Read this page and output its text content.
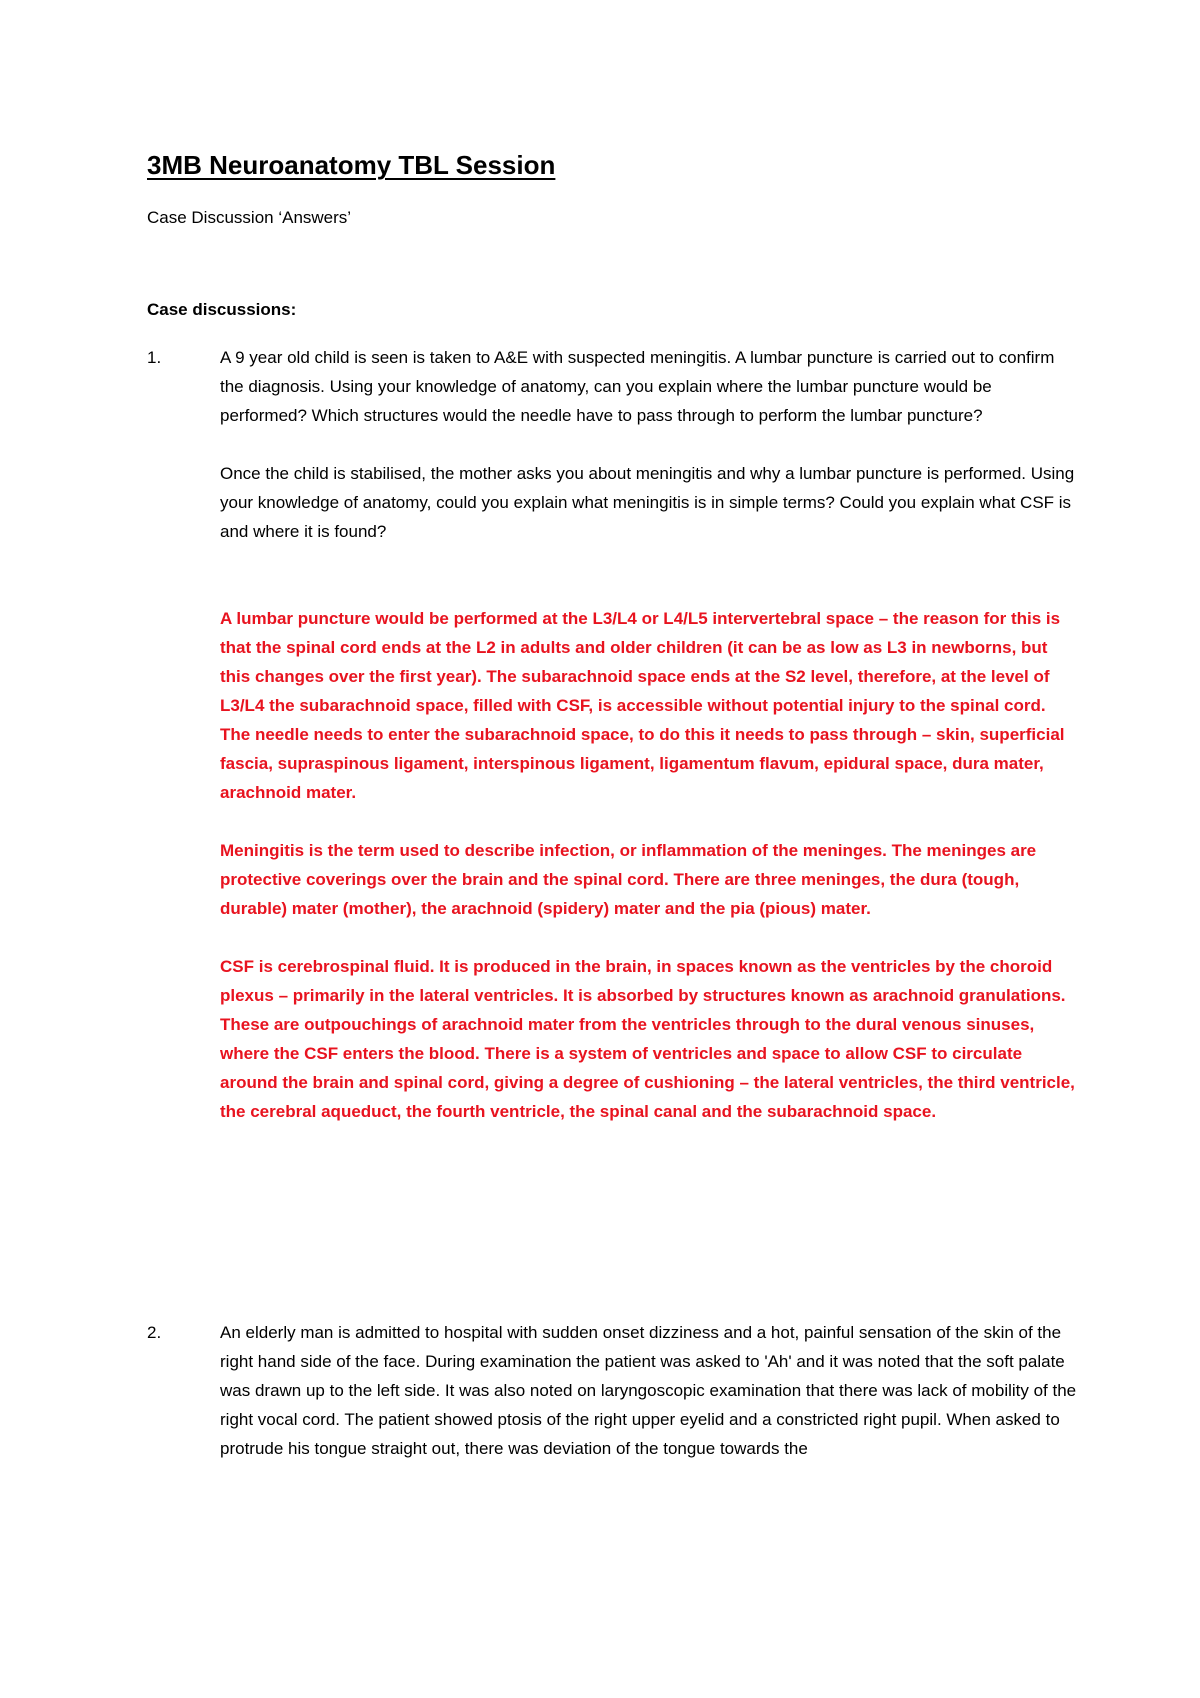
3MB Neuroanatomy TBL Session

Case Discussion ‘Answers’

Case discussions:

1.	A 9 year old child is seen is taken to A&E with suspected meningitis. A lumbar puncture is carried out to confirm the diagnosis. Using your knowledge of anatomy, can you explain where the lumbar puncture would be performed? Which structures would the needle have to pass through to perform the lumbar puncture?

Once the child is stabilised, the mother asks you about meningitis and why a lumbar puncture is performed. Using your knowledge of anatomy, could you explain what meningitis is in simple terms? Could you explain what CSF is and where it is found?

A lumbar puncture would be performed at the L3/L4 or L4/L5 intervertebral space – the reason for this is that the spinal cord ends at the L2 in adults and older children (it can be as low as L3 in newborns, but this changes over the first year). The subarachnoid space ends at the S2 level, therefore, at the level of L3/L4 the subarachnoid space, filled with CSF, is accessible without potential injury to the spinal cord. The needle needs to enter the subarachnoid space, to do this it needs to pass through – skin, superficial fascia, supraspinous ligament, interspinous ligament, ligamentum flavum, epidural space, dura mater, arachnoid mater.

Meningitis is the term used to describe infection, or inflammation of the meninges. The meninges are protective coverings over the brain and the spinal cord. There are three meninges, the dura (tough, durable) mater (mother), the arachnoid (spidery) mater and the pia (pious) mater.

CSF is cerebrospinal fluid. It is produced in the brain, in spaces known as the ventricles by the choroid plexus – primarily in the lateral ventricles. It is absorbed by structures known as arachnoid granulations. These are outpouchings of arachnoid mater from the ventricles through to the dural venous sinuses, where the CSF enters the blood. There is a system of ventricles and space to allow CSF to circulate around the brain and spinal cord, giving a degree of cushioning – the lateral ventricles, the third ventricle, the cerebral aqueduct, the fourth ventricle, the spinal canal and the subarachnoid space.

2.	An elderly man is admitted to hospital with sudden onset dizziness and a hot, painful sensation of the skin of the right hand side of the face. During examination the patient was asked to 'Ah' and it was noted that the soft palate was drawn up to the left side. It was also noted on laryngoscopic examination that there was lack of mobility of the right vocal cord. The patient showed ptosis of the right upper eyelid and a constricted right pupil. When asked to protrude his tongue straight out, there was deviation of the tongue towards the
